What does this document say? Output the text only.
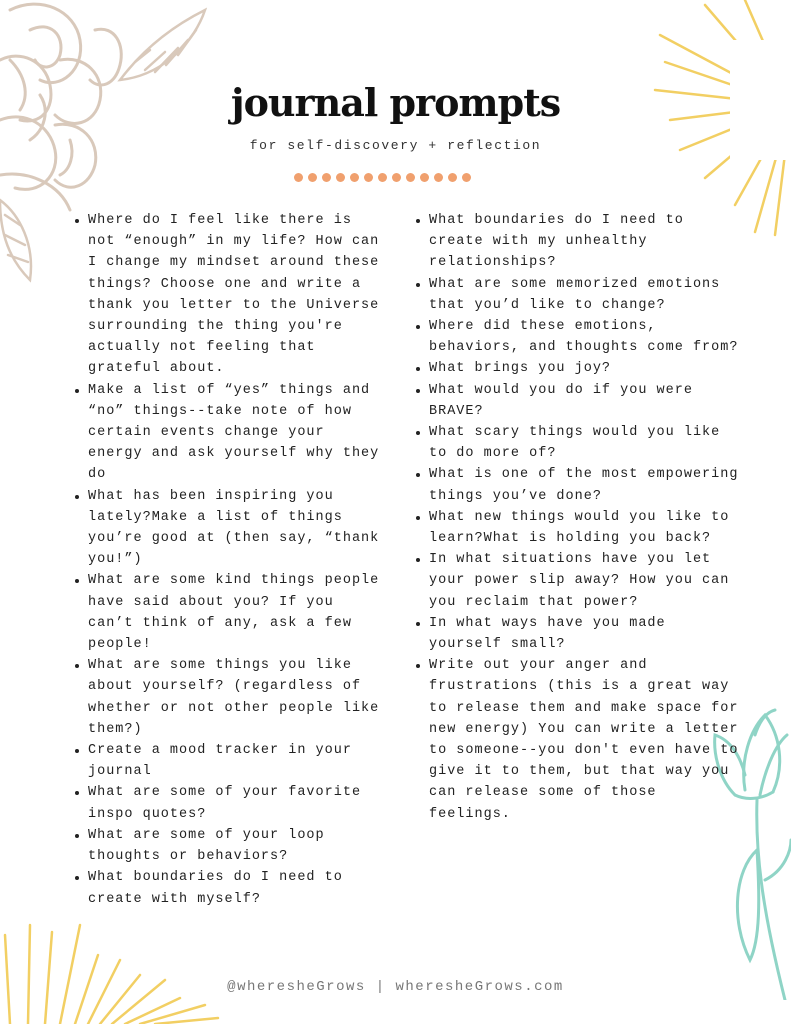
journal prompts
for self-discovery + reflection
Where do I feel like there is not “enough” in my life? How can I change my mindset around these things? Choose one and write a thank you letter to the Universe surrounding the thing you're actually not feeling that grateful about.
Make a list of “yes” things and “no” things--take note of how certain events change your energy and ask yourself why they do
What has been inspiring you lately?Make a list of things you’re good at (then say, “thank you!”)
What are some kind things people have said about you? If you can’t think of any, ask a few people!
What are some things you like about yourself? (regardless of whether or not other people like them?)
Create a mood tracker in your journal
What are some of your favorite inspo quotes?
What are some of your loop thoughts or behaviors?
What boundaries do I need to create with myself?
What boundaries do I need to create with my unhealthy relationships?
What are some memorized emotions that you’d like to change?
Where did these emotions, behaviors, and thoughts come from?
What brings you joy?
What would you do if you were BRAVE?
What scary things would you like to do more of?
What is one of the most empowering things you’ve done?
What new things would you like to learn?What is holding you back?
In what situations have you let your power slip away? How you can you reclaim that power?
In what ways have you made yourself small?
Write out your anger and frustrations (this is a great way to release them and make space for new energy) You can write a letter to someone--you don't even have to give it to them, but that way you can release some of those feelings.
@wheresheGrows | wheresheGrows.com
